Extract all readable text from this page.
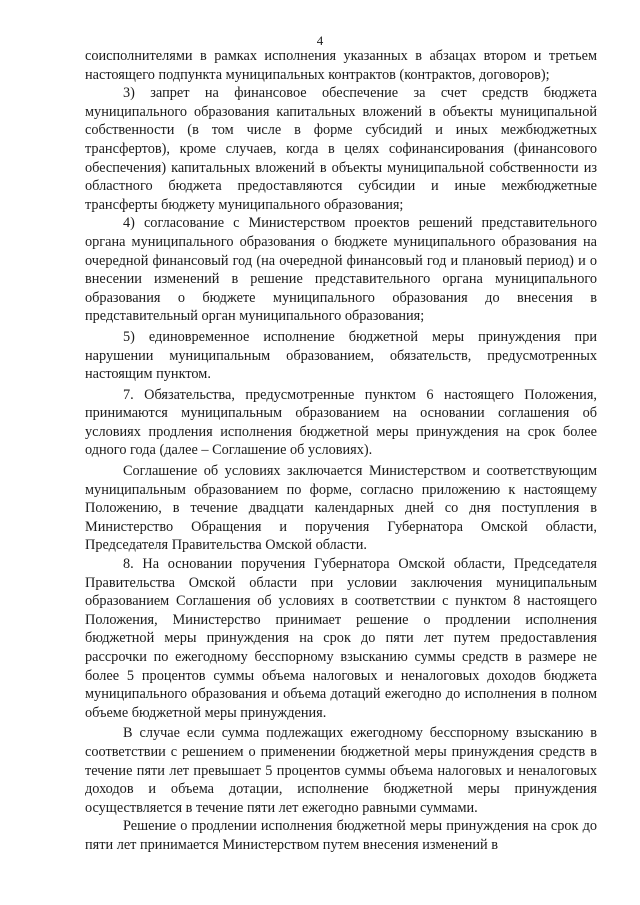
4

соисполнителями в рамках исполнения указанных в абзацах втором и третьем настоящего подпункта муниципальных контрактов (контрактов, договоров);

3) запрет на финансовое обеспечение за счет средств бюджета муниципального образования капитальных вложений в объекты муниципальной собственности (в том числе в форме субсидий и иных межбюджетных трансфертов), кроме случаев, когда в целях софинансирования (финансового обеспечения) капитальных вложений в объекты муниципальной собственности из областного бюджета предоставляются субсидии и иные межбюджетные трансферты бюджету муниципального образования;

4) согласование с Министерством проектов решений представительного органа муниципального образования о бюджете муниципального образования на очередной финансовый год (на очередной финансовый год и плановый период) и о внесении изменений в решение представительного органа муниципального образования о бюджете муниципального образования до внесения в представительный орган муниципального образования;

5) единовременное исполнение бюджетной меры принуждения при нарушении муниципальным образованием, обязательств, предусмотренных настоящим пунктом.

7. Обязательства, предусмотренные пунктом 6 настоящего Положения, принимаются муниципальным образованием на основании соглашения об условиях продления исполнения бюджетной меры принуждения на срок более одного года (далее – Соглашение об условиях).

Соглашение об условиях заключается Министерством и соответствующим муниципальным образованием по форме, согласно приложению к настоящему Положению, в течение двадцати календарных дней со дня поступления в Министерство Обращения и поручения Губернатора Омской области, Председателя Правительства Омской области.

8. На основании поручения Губернатора Омской области, Председателя Правительства Омской области при условии заключения муниципальным образованием Соглашения об условиях в соответствии с пунктом 8 настоящего Положения, Министерство принимает решение о продлении исполнения бюджетной меры принуждения на срок до пяти лет путем предоставления рассрочки по ежегодному бесспорному взысканию суммы средств в размере не более 5 процентов суммы объема налоговых и неналоговых доходов бюджета муниципального образования и объема дотаций ежегодно до исполнения в полном объеме бюджетной меры принуждения.

В случае если сумма подлежащих ежегодному бесспорному взысканию в соответствии с решением о применении бюджетной меры принуждения средств в течение пяти лет превышает 5 процентов суммы объема налоговых и неналоговых доходов и объема дотации, исполнение бюджетной меры принуждения осуществляется в течение пяти лет ежегодно равными суммами.

Решение о продлении исполнения бюджетной меры принуждения на срок до пяти лет принимается Министерством путем внесения изменений в
